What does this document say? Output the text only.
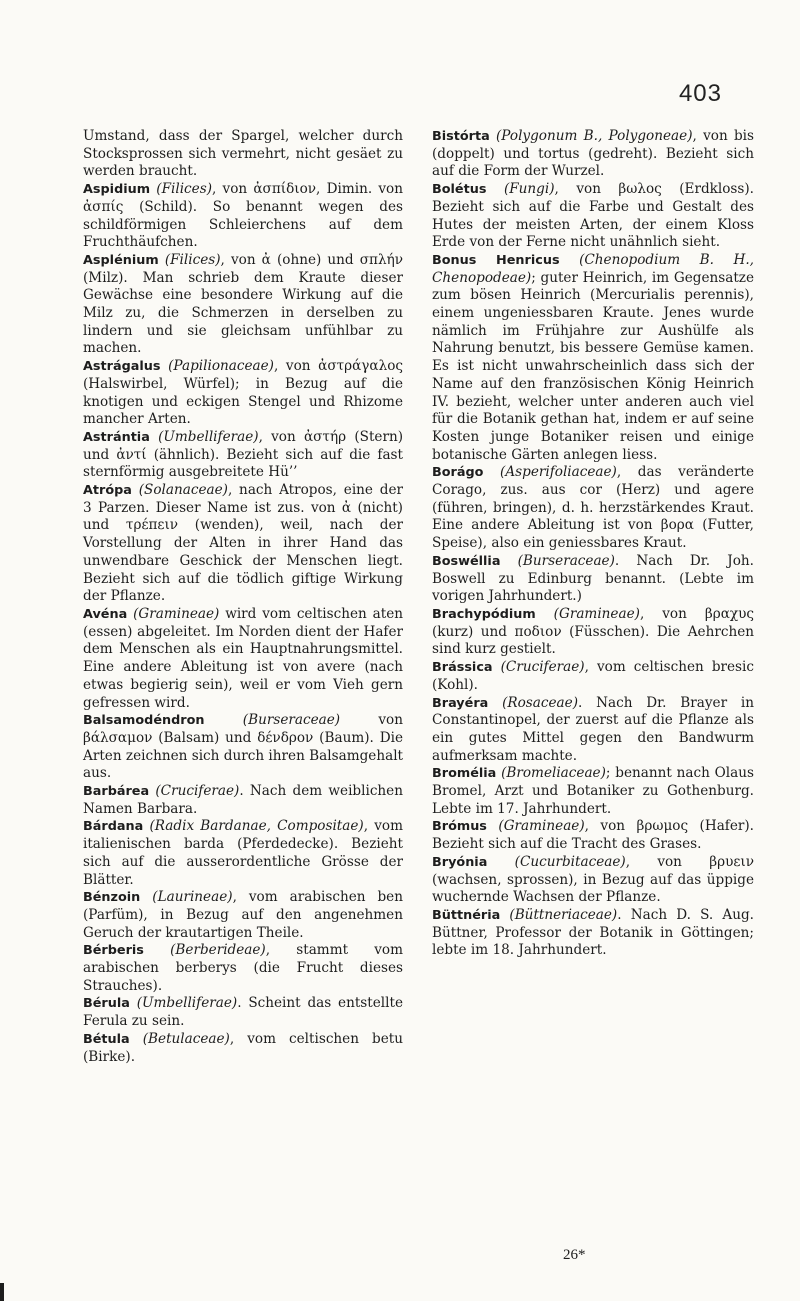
403

Umstand, dass der Spargel, welcher durch Stocksprossen sich vermehrt, nicht gesäet zu werden braucht.

Aspidium (Filices), von ἀσπίδιον, Dimin. von ἀσπίς (Schild). So benannt wegen des schildförmigen Schleierchens auf dem Fruchthäufchen.

Asplénium (Filices), von ἀ (ohne) und σπλήν (Milz). Man schrieb dem Kraute dieser Gewächse eine besondere Wirkung auf die Milz zu, die Schmerzen in derselben zu lindern und sie gleichsam unfühlbar zu machen.

Astrágalus (Papilionaceae), von ἀστράγαλος (Halswirbel, Würfel); in Bezug auf die knotigen und eckigen Stengel und Rhizome mancher Arten.

Astrántia (Umbelliferae), von ἀστήρ (Stern) und ἀντί (ähnlich). Bezieht sich auf die fast sternförmig ausgebreitete Hü’’

Atrópa (Solanaceae), nach Atropos, eine der 3 Parzen. Dieser Name ist zus. von ἀ (nicht) und τρέπειν (wenden), weil, nach der Vorstellung der Alten in ihrer Hand das unwendbare Geschick der Menschen liegt. Bezieht sich auf die tödlich giftige Wirkung der Pflanze.

Avéna (Gramineae) wird vom celtischen aten (essen) abgeleitet. Im Norden dient der Hafer dem Menschen als ein Hauptnahrungsmittel. Eine andere Ableitung ist von avere (nach etwas begierig sein), weil er vom Vieh gern gefressen wird.

Balsamodéndron	(Burseraceae) von βάλσαμον (Balsam) und δένδρον (Baum). Die Arten zeichnen sich durch ihren Balsamgehalt aus.

Barbárea (Cruciferae). Nach dem weiblichen Namen Barbara.

Bárdana (Radix Bardanae, Compositae), vom italienischen barda (Pferdedecke). Bezieht sich auf die ausserordentliche Grösse der Blätter.

Bénzoin (Laurineae), vom arabischen ben (Parfüm), in Bezug auf den angenehmen Geruch der krautartigen Theile.

Bérberis (Berberideae), stammt vom arabischen berberys (die Frucht dieses Strauches).

Bérula (Umbelliferae). Scheint das entstellte Ferula zu sein.

Bétula (Betulaceae), vom celtischen betu (Birke).

Bistórta (Polygonum B., Polygoneae), von bis (doppelt) und tortus (gedreht). Bezieht sich auf die Form der Wurzel.

Bolétus (Fungi), von βωλος (Erdkloss). Bezieht sich auf die Farbe und Gestalt des Hutes der meisten Arten, der einem Kloss Erde von der Ferne nicht unähnlich sieht.

Bonus Henricus (Chenopodium B. H., Chenopodeae); guter Heinrich, im Gegensatze zum bösen Heinrich (Mercurialis perennis), einem ungeniessbaren Kraute. Jenes wurde nämlich im Frühjahre zur Aushülfe als Nahrung benutzt, bis bessere Gemüse kamen. Es ist nicht unwahrscheinlich dass sich der Name auf den französischen König Heinrich IV. bezieht, welcher unter anderen auch viel für die Botanik gethan hat, indem er auf seine Kosten junge Botaniker reisen und einige botanische Gärten anlegen liess.

Borágo (Asperifoliaceae), das veränderte Corago, zus. aus cor (Herz) und agere (führen, bringen), d. h. herzstärkendes Kraut. Eine andere Ableitung ist von βορα (Futter, Speise), also ein geniessbares Kraut.

Boswéllia (Burseraceae). Nach Dr. Joh. Boswell zu Edinburg benannt. (Lebte im vorigen Jahrhundert.)

Brachypódium (Gramineae), von βραχυς (kurz) und ποδιον (Füsschen). Die Aehrchen sind kurz gestielt.

Brássica (Cruciferae), vom celtischen bresic (Kohl).

Brayéra (Rosaceae). Nach Dr. Brayer in Constantinopel, der zuerst auf die Pflanze als ein gutes Mittel gegen den Bandwurm aufmerksam machte.

Bromélia (Bromeliaceae); benannt nach Olaus Bromel, Arzt und Botaniker zu Gothenburg. Lebte im 17. Jahrhundert.

Brómus (Gramineae), von βρωμος (Hafer). Bezieht sich auf die Tracht des Grases.

Bryónia (Cucurbitaceae), von βρυειν (wachsen, sprossen), in Bezug auf das üppige wuchernde Wachsen der Pflanze.

Büttnéria (Büttneriaceae). Nach D. S. Aug. Büttner, Professor der Botanik in Göttingen; lebte im 18. Jahrhundert.

26*
